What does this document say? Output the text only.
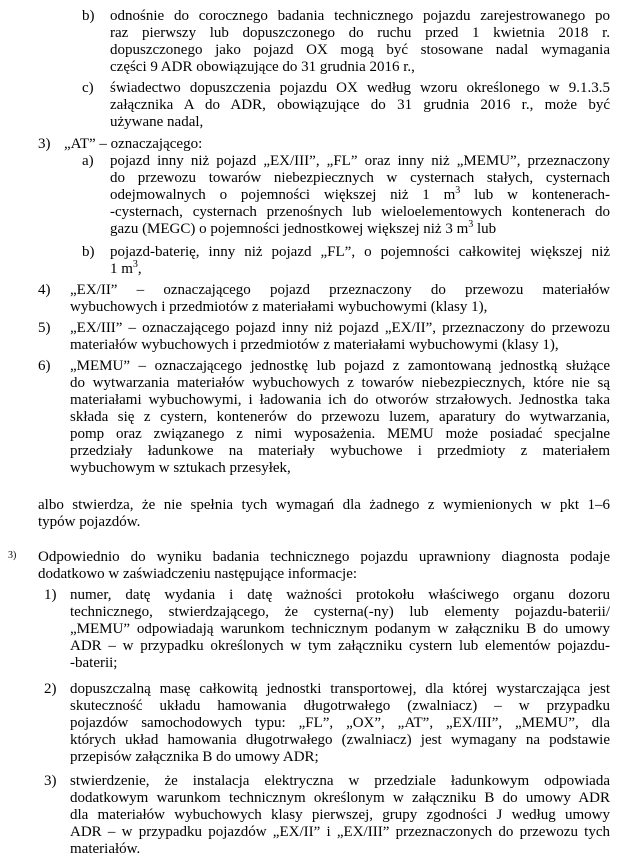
b) odnośnie do corocznego badania technicznego pojazdu zarejestrowanego po
raz pierwszy lub dopuszczonego do ruchu przed 1 kwietnia 2018 r.
dopuszczonego jako pojazd OX mogą być stosowane nadal wymagania
części 9 ADR obowiązujące do 31 grudnia 2016 r.,
c) świadectwo dopuszczenia pojazdu OX według wzoru określonego w 9.1.3.5
załącznika A do ADR, obowiązujące do 31 grudnia 2016 r., może być
używane nadal,
3) „AT” – oznaczającego:
a) pojazd inny niż pojazd „EX/III”, „FL” oraz inny niż „MEMU”, przeznaczony
do przewozu towarów niebezpiecznych w cysternach stałych, cysternach
odejmowalnych o pojemności większej niż 1 $m^3$ lub w kontenerach-
-cysternach, cysternach przenośnych lub wieloelementowych kontenerach do
gazu (MEGC) o pojemności jednostkowej większej niż 3 $m^3$ lub
b) pojazd-baterię, inny niż pojazd „FL”, o pojemności całkowitej większej niż
1 $m^3$,
4) „EX/II” – oznaczającego pojazd przeznaczony do przewozu materiałów
wybuchowych i przedmiotów z materiałami wybuchowymi (klasy 1),
5) „EX/III” – oznaczającego pojazd inny niż pojazd „EX/II”, przeznaczony do przewozu
materiałów wybuchowych i przedmiotów z materiałami wybuchowymi (klasy 1),
6) „MEMU” – oznaczającego jednostkę lub pojazd z zamontowaną jednostką służące
do wytwarzania materiałów wybuchowych z towarów niebezpiecznych, które nie są
materiałami wybuchowymi, i ładowania ich do otworów strzałowych. Jednostka taka
składa się z cystern, kontenerów do przewozu luzem, aparatury do wytwarzania,
pomp oraz związanego z nimi wyposażenia. MEMU może posiadać specjalne
przedziały ładunkowe na materiały wybuchowe i przedmioty z materiałem
wybuchowym w sztukach przesyłek,
albo stwierdza, że nie spełnia tych wymagań dla żadnego z wymienionych w pkt 1–6
typów pojazdów.
3) Odpowiednio do wyniku badania technicznego pojazdu uprawniony diagnosta podaje
dodatkowo w zaświadczeniu następujące informacje:
1) numer, datę wydania i datę ważności protokołu właściwego organu dozoru
technicznego, stwierdzającego, że cysterna(-ny) lub elementy pojazdu-baterii/
„MEMU” odpowiadają warunkom technicznym podanym w załączniku B do umowy
ADR – w przypadku określonych w tym załączniku cystern lub elementów pojazdu-
-baterii;
2) dopuszczalną masę całkowitą jednostki transportowej, dla której wystarczająca jest
skuteczność układu hamowania długotrwałego (zwalniacz) – w przypadku
pojazdów samochodowych typu: „FL”, „OX”, „AT”, „EX/III”, „MEMU”, dla
których układ hamowania długotrwałego (zwalniacz) jest wymagany na podstawie
przepisów załącznika B do umowy ADR;
3) stwierdzenie, że instalacja elektryczna w przedziale ładunkowym odpowiada
dodatkowym warunkom technicznym określonym w załączniku B do umowy ADR
dla materiałów wybuchowych klasy pierwszej, grupy zgodności J według umowy
ADR – w przypadku pojazdów „EX/II” i „EX/III” przeznaczonych do przewozu tych
materiałów.
